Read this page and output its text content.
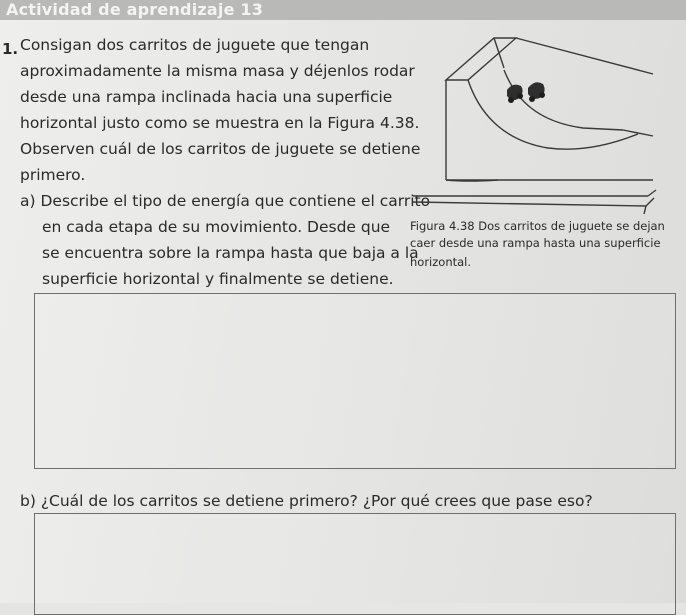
Actividad de aprendizaje 13
1. Consigan dos carritos de juguete que tengan
aproximadamente la misma masa y déjenlos rodar
desde una rampa inclinada hacia una superficie
horizontal justo como se muestra en la Figura 4.38.
Observen cuál de los carritos de juguete se detiene
primero.
a) Describe el tipo de energía que contiene el carrito
en cada etapa de su movimiento. Desde que
se encuentra sobre la rampa hasta que baja a la
superficie horizontal y finalmente se detiene.
Figura 4.38 Dos carritos de juguete se dejan
caer desde una rampa hasta una superficie
horizontal.
b) ¿Cuál de los carritos se detiene primero? ¿Por qué crees que pase eso?
